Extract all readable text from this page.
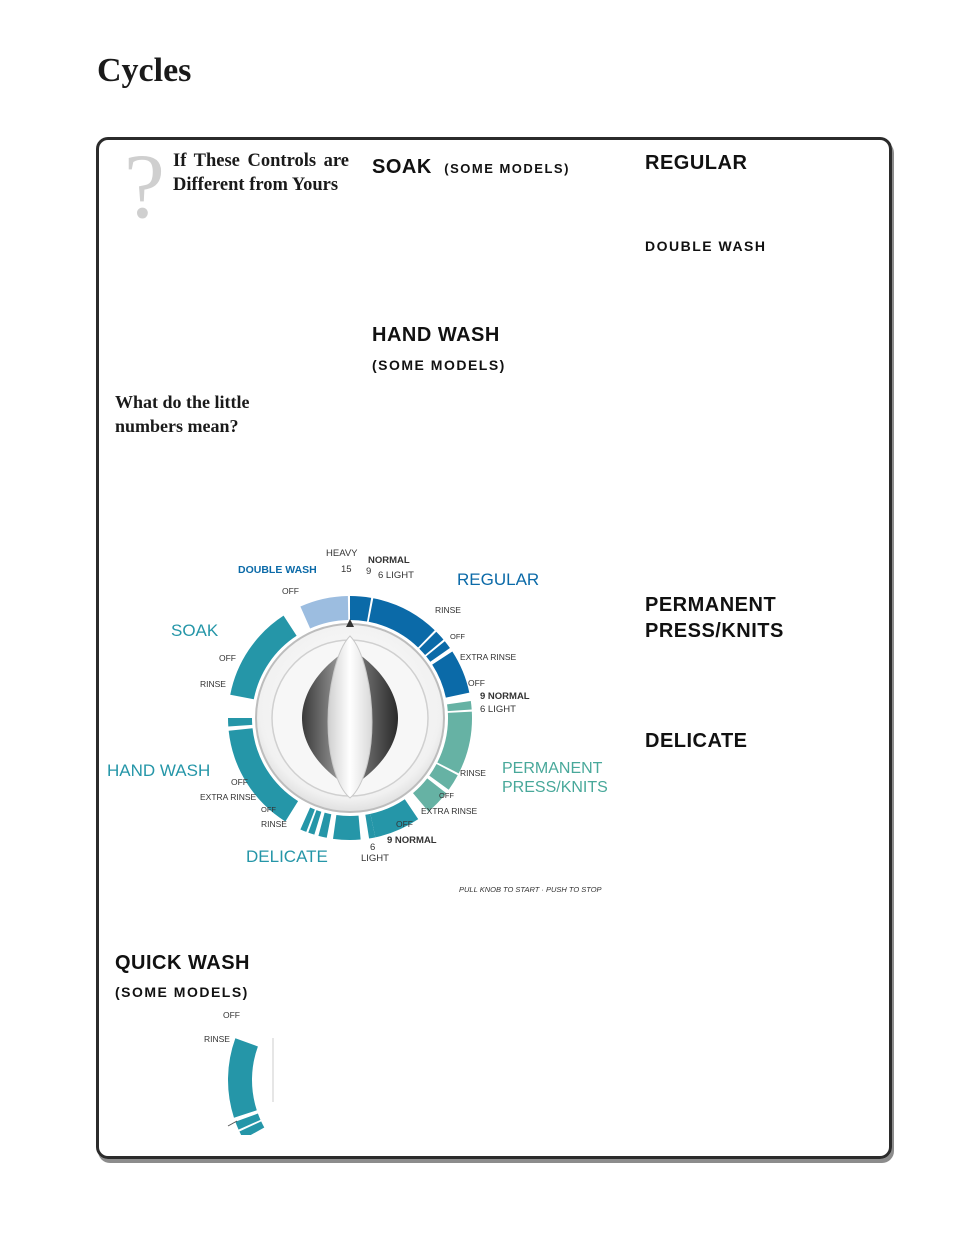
Cycles
? If These Controls are Different from Yours
What do the little numbers mean?
SOAK (SOME MODELS)	REGULAR
DOUBLE WASH
HAND WASH
(SOME MODELS)
PERMANENT PRESS/KNITS
DELICATE
QUICK WASH
(SOME MODELS)
DOUBLE WASH	REGULAR
SOAK
HAND WASH	PERMANENT PRESS/KNITS
DELICATE
HEAVY
15
NORMAL
9 6 LIGHT
OFF
RINSE
OFF
EXTRA RINSE
OFF
RINSE	OFF
9 NORMAL
6 LIGHT
RINSE
OFF
EXTRA RINSE
OFF
EXTRA RINSE
OFF
RINSE	OFF
9 NORMAL
6
LIGHT
PULL KNOB TO START · PUSH TO STOP
OFF
RINSE
